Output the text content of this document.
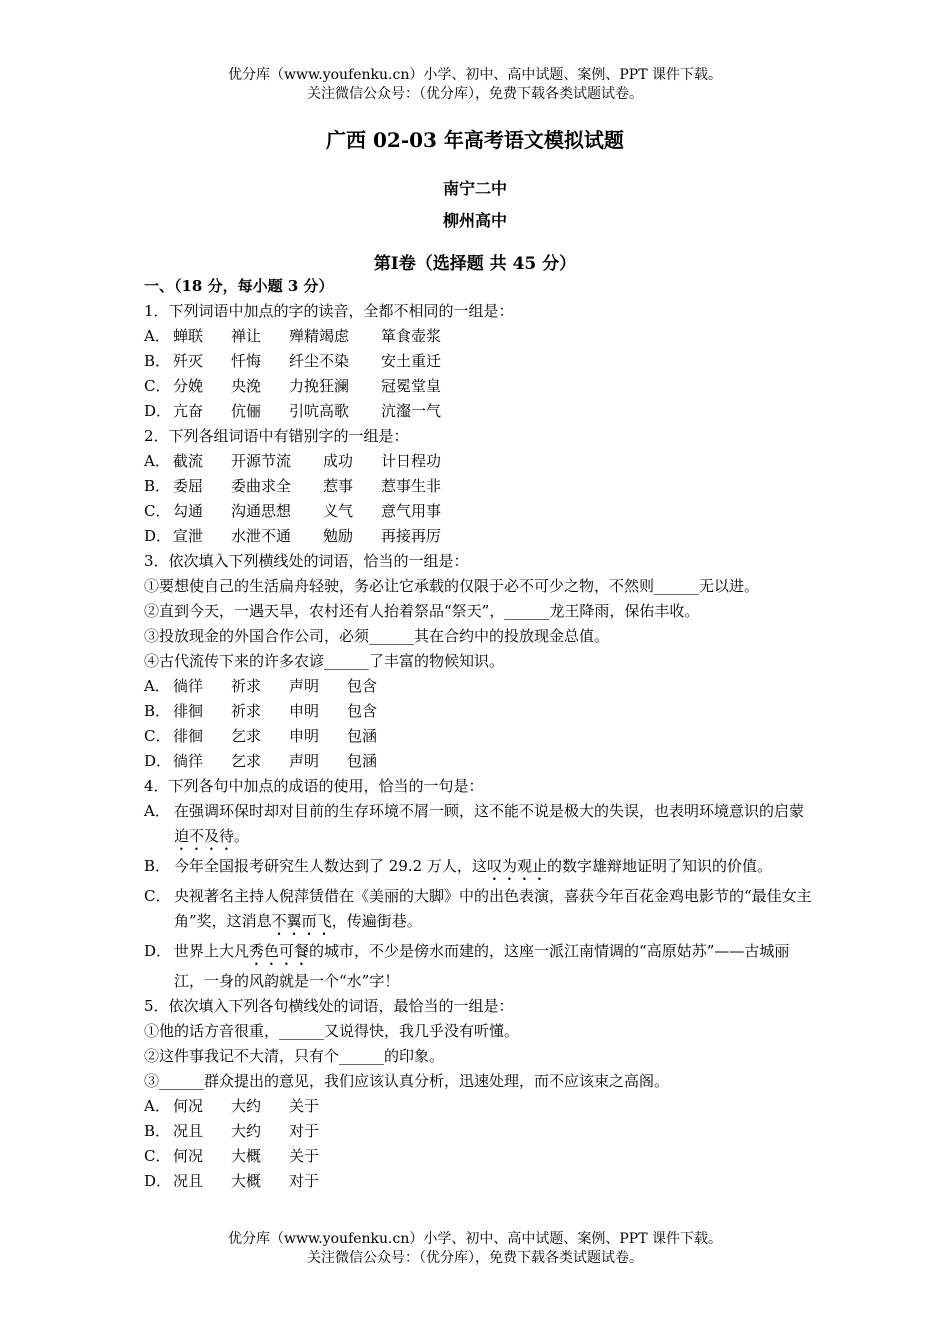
优分库（www.youfenku.cn）小学、初中、高中试题、案例、PPT 课件下载。
关注微信公众号：（优分库），免费下载各类试题试卷。
广西 02-03 年高考语文模拟试题
南宁二中
柳州高中
第Ⅰ卷（选择题 共 45 分）
一、（18 分，每小题 3 分）
1．下列词语中加点的字的读音，全都不相同的一组是：
A． 蝉联	禅让	殚精竭虑	箪食壶浆
B． 歼灭	忏悔	纤尘不染	安土重迁
C． 分娩	央浼	力挽狂澜	冠冕堂皇
D． 亢奋	伉俪	引吭高歌	沆瀣一气
2．下列各组词语中有错别字的一组是：
A． 截流	开源节流	成功	计日程功
B． 委屈	委曲求全	惹事	惹事生非
C． 勾通	沟通思想	义气	意气用事
D． 宣泄	水泄不通	勉励	再接再厉
3．依次填入下列横线处的词语，恰当的一组是：
①要想使自己的生活扁舟轻驶，务必让它承载的仅限于必不可少之物，不然则______无以进。
②直到今天，一遇天旱，农村还有人抬着祭品“祭天”，______龙王降雨，保佑丰收。
③投放现金的外国合作公司，必须______其在合约中的投放现金总值。
④古代流传下来的许多农谚______了丰富的物候知识。
A． 徜徉	祈求	声明	包含
B． 徘徊	祈求	申明	包含
C． 徘徊	乞求	申明	包涵
D． 徜徉	乞求	声明	包涵
4．下列各句中加点的成语的使用，恰当的一句是：
A． 在强调环保时却对目前的生存环境不屑一顾，这不能不说是极大的失误，也表明环境意识的启蒙迫不及待。
B． 今年全国报考研究生人数达到了 29.2 万人，这叹为观止的数字雄辩地证明了知识的价值。
C． 央视著名主持人倪萍赁借在《美丽的大脚》中的出色表演，喜获今年百花金鸡电影节的“最佳女主角”奖，这消息不翼而飞，传遍街巷。
D． 世界上大凡秀色可餐的城市，不少是傍水而建的，这座一派江南情调的“高原姑苏”——古城丽江，一身的风韵就是一个“水”字！
5．依次填入下列各句横线处的词语，最恰当的一组是：
①他的话方音很重，______又说得快，我几乎没有听懂。
②这件事我记不大清，只有个______的印象。
③______群众提出的意见，我们应该认真分析，迅速处理，而不应该束之高阁。
A． 何况	大约	关于
B． 况且	大约	对于
C． 何况	大概	关于
D． 况且	大概	对于
优分库（www.youfenku.cn）小学、初中、高中试题、案例、PPT 课件下载。
关注微信公众号：（优分库），免费下载各类试题试卷。
